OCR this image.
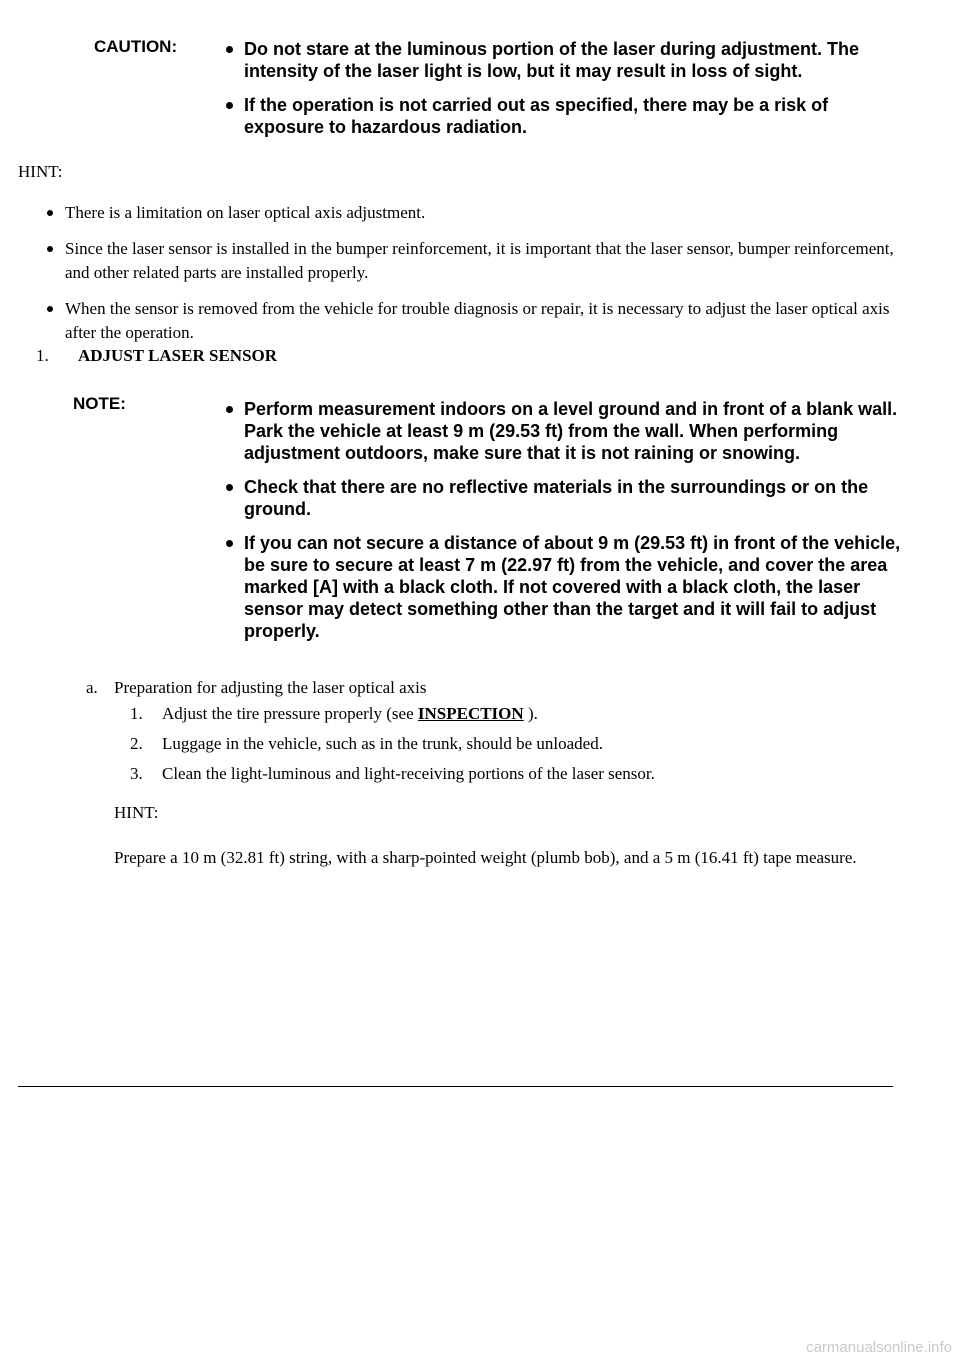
CAUTION:	Do not stare at the luminous portion of the laser during adjustment. The intensity of the laser light is low, but it may result in loss of sight.
If the operation is not carried out as specified, there may be a risk of exposure to hazardous radiation.
HINT:
There is a limitation on laser optical axis adjustment.
Since the laser sensor is installed in the bumper reinforcement, it is important that the laser sensor, bumper reinforcement, and other related parts are installed properly.
When the sensor is removed from the vehicle for trouble diagnosis or repair, it is necessary to adjust the laser optical axis after the operation.
1. ADJUST LASER SENSOR
NOTE:	Perform measurement indoors on a level ground and in front of a blank wall. Park the vehicle at least 9 m (29.53 ft) from the wall. When performing adjustment outdoors, make sure that it is not raining or snowing.
Check that there are no reflective materials in the surroundings or on the ground.
If you can not secure a distance of about 9 m (29.53 ft) in front of the vehicle, be sure to secure at least 7 m (22.97 ft) from the vehicle, and cover the area marked [A] with a black cloth. If not covered with a black cloth, the laser sensor may detect something other than the target and it will fail to adjust properly.
a. Preparation for adjusting the laser optical axis
1. Adjust the tire pressure properly (see INSPECTION ).
2. Luggage in the vehicle, such as in the trunk, should be unloaded.
3. Clean the light-luminous and light-receiving portions of the laser sensor.
HINT:
Prepare a 10 m (32.81 ft) string, with a sharp-pointed weight (plumb bob), and a 5 m (16.41 ft) tape measure.
carmanualsonline.info
